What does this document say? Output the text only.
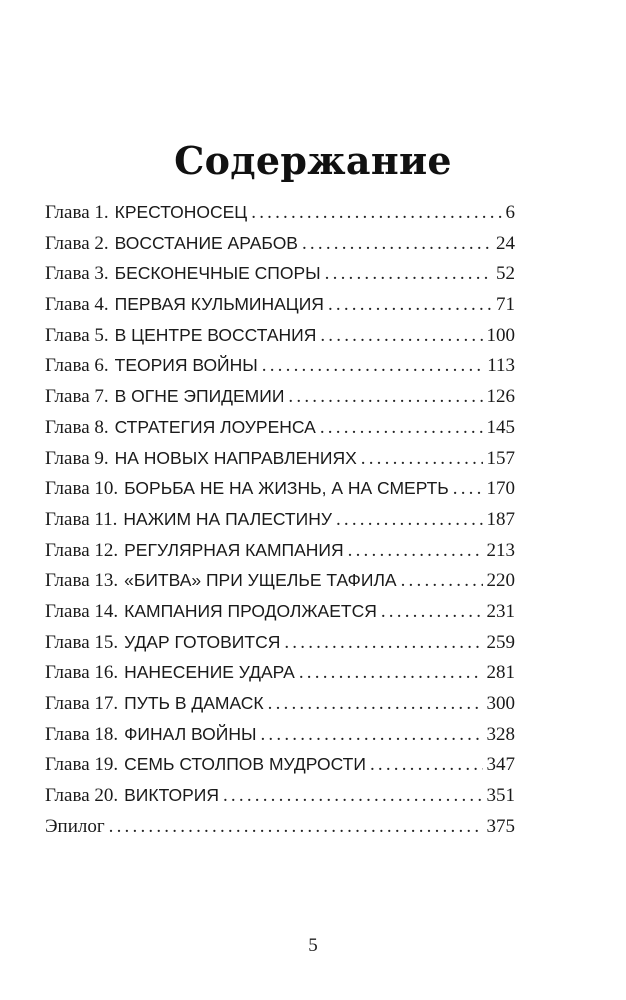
Содержание
Глава 1. КРЕСТОНОСЕЦ .....	6
Глава 2. ВОССТАНИЕ АРАБОВ .....	24
Глава 3. БЕСКОНЕЧНЫЕ СПОРЫ .....	52
Глава 4. ПЕРВАЯ КУЛЬМИНАЦИЯ .....	71
Глава 5. В ЦЕНТРЕ ВОССТАНИЯ .....	100
Глава 6. ТЕОРИЯ ВОЙНЫ .....	113
Глава 7. В ОГНЕ ЭПИДЕМИИ .....	126
Глава 8. СТРАТЕГИЯ ЛОУРЕНСА .....	145
Глава 9. НА НОВЫХ НАПРАВЛЕНИЯХ .....	157
Глава 10. БОРЬБА НЕ НА ЖИЗНЬ, А НА СМЕРТЬ ..... 170
Глава 11. НАЖИМ НА ПАЛЕСТИНУ .....	187
Глава 12. РЕГУЛЯРНАЯ КАМПАНИЯ .....	213
Глава 13. «БИТВА» ПРИ УЩЕЛЬЕ ТАФИЛА .....	220
Глава 14. КАМПАНИЯ ПРОДОЛЖАЕТСЯ .....	231
Глава 15. УДАР ГОТОВИТСЯ .....	259
Глава 16. НАНЕСЕНИЕ УДАРА .....	281
Глава 17. ПУТЬ В ДАМАСК .....	300
Глава 18. ФИНАЛ ВОЙНЫ .....	328
Глава 19. СЕМЬ СТОЛПОВ МУДРОСТИ .....	347
Глава 20. ВИКТОРИЯ .....	351
Эпилог .....	375
5
